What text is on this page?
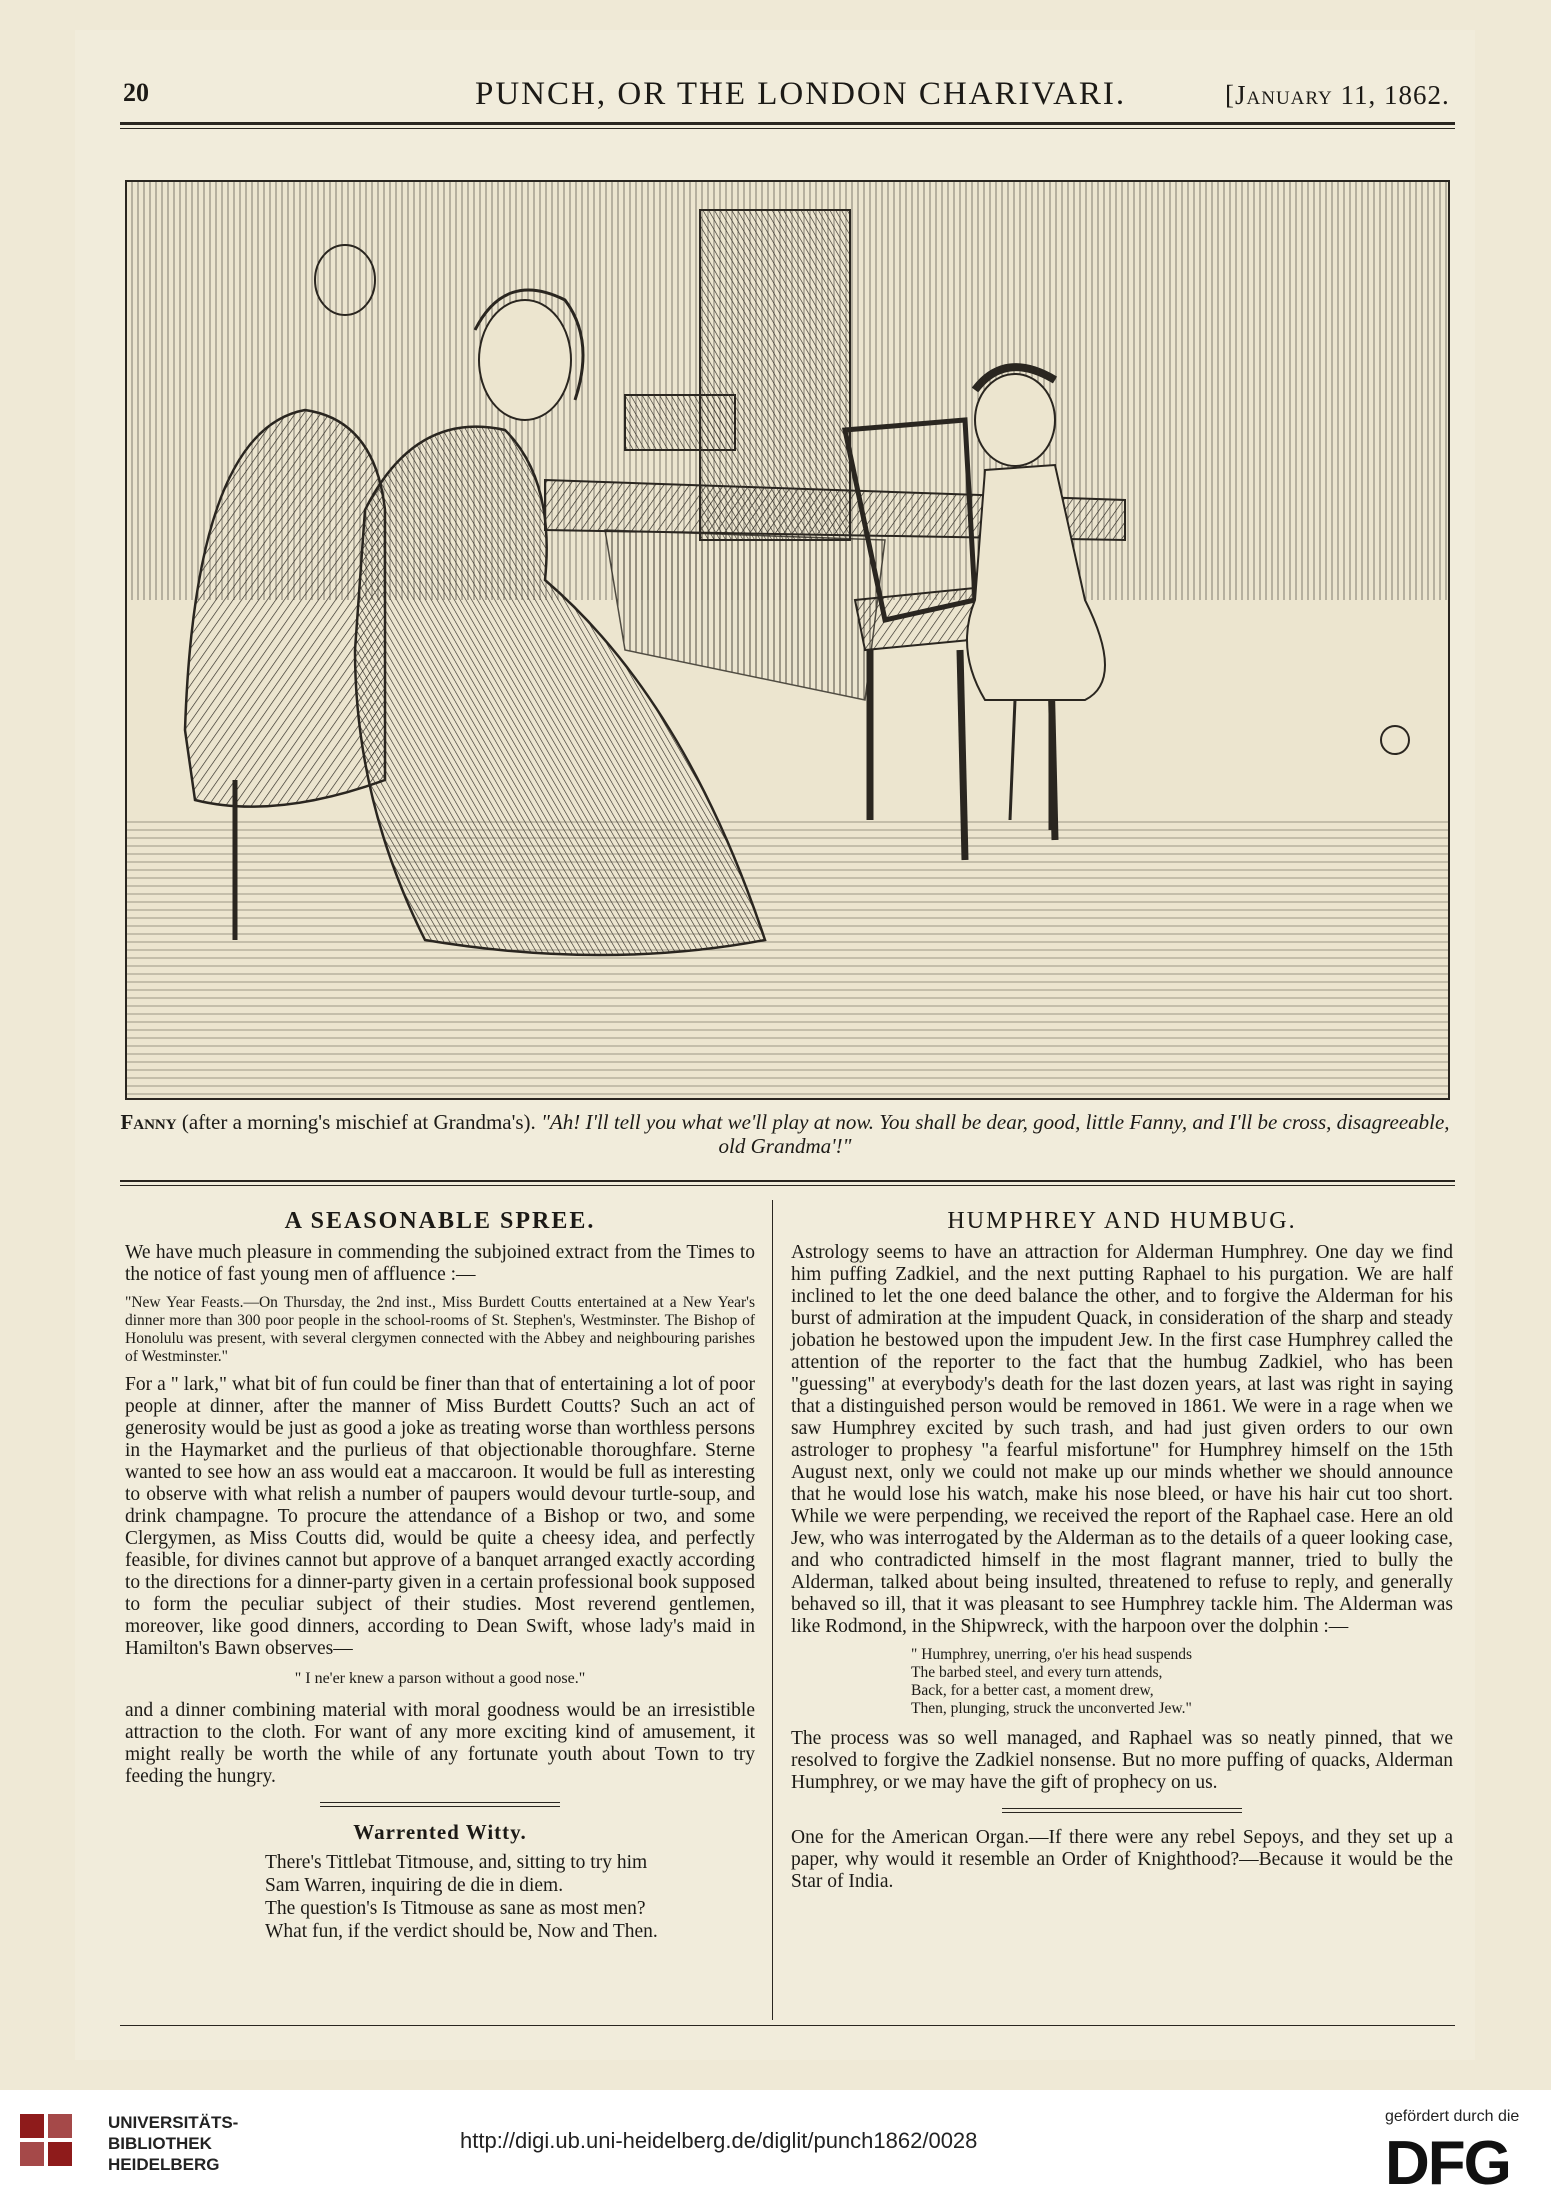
20	PUNCH, OR THE LONDON CHARIVARI.	[January 11, 1862.
Fanny (after a morning's mischief at Grandma's). "Ah! I'll tell you what we'll play at now. You shall be dear, good, little Fanny, and I'll be cross, disagreeable, old Grandma'!"
A SEASONABLE SPREE.

We have much pleasure in commending the subjoined extract from the Times to the notice of fast young men of affluence :—

"New Year Feasts.—On Thursday, the 2nd inst., Miss Burdett Coutts entertained at a New Year's dinner more than 300 poor people in the school-rooms of St. Stephen's, Westminster. The Bishop of Honolulu was present, with several clergymen connected with the Abbey and neighbouring parishes of Westminster."

For a " lark," what bit of fun could be finer than that of entertaining a lot of poor people at dinner, after the manner of Miss Burdett Coutts? Such an act of generosity would be just as good a joke as treating worse than worthless persons in the Haymarket and the purlieus of that objectionable thoroughfare. Sterne wanted to see how an ass would eat a maccaroon. It would be full as interesting to observe with what relish a number of paupers would devour turtle-soup, and drink champagne. To procure the attendance of a Bishop or two, and some Clergymen, as Miss Coutts did, would be quite a cheesy idea, and perfectly feasible, for divines cannot but approve of a banquet arranged exactly according to the directions for a dinner-party given in a certain professional book supposed to form the peculiar subject of their studies. Most reverend gentlemen, moreover, like good dinners, according to Dean Swift, whose lady's maid in Hamilton's Bawn observes—

" I ne'er knew a parson without a good nose."

and a dinner combining material with moral goodness would be an irresistible attraction to the cloth. For want of any more exciting kind of amusement, it might really be worth the while of any fortunate youth about Town to try feeding the hungry.

Warrented Witty.
There's Tittlebat Titmouse, and, sitting to try him
Sam Warren, inquiring de die in diem.
The question's Is Titmouse as sane as most men?
What fun, if the verdict should be, Now and Then.
HUMPHREY AND HUMBUG.

Astrology seems to have an attraction for Alderman Humphrey. One day we find him puffing Zadkiel, and the next putting Raphael to his purgation. We are half inclined to let the one deed balance the other, and to forgive the Alderman for his burst of admiration at the impudent Quack, in consideration of the sharp and steady jobation he bestowed upon the impudent Jew. In the first case Humphrey called the attention of the reporter to the fact that the humbug Zadkiel, who has been "guessing" at everybody's death for the last dozen years, at last was right in saying that a distinguished person would be removed in 1861. We were in a rage when we saw Humphrey excited by such trash, and had just given orders to our own astrologer to prophesy "a fearful misfortune" for Humphrey himself on the 15th August next, only we could not make up our minds whether we should announce that he would lose his watch, make his nose bleed, or have his hair cut too short. While we were perpending, we received the report of the Raphael case. Here an old Jew, who was interrogated by the Alderman as to the details of a queer looking case, and who contradicted himself in the most flagrant manner, tried to bully the Alderman, talked about being insulted, threatened to refuse to reply, and generally behaved so ill, that it was pleasant to see Humphrey tackle him. The Alderman was like Rodmond, in the Shipwreck, with the harpoon over the dolphin :—

" Humphrey, unerring, o'er his head suspends
The barbed steel, and every turn attends,
Back, for a better cast, a moment drew,
Then, plunging, struck the unconverted Jew."

The process was so well managed, and Raphael was so neatly pinned, that we resolved to forgive the Zadkiel nonsense. But no more puffing of quacks, Alderman Humphrey, or we may have the gift of prophecy on us.

One for the American Organ.—If there were any rebel Sepoys, and they set up a paper, why would it resemble an Order of Knighthood?—Because it would be the Star of India.

UNIVERSITÄTS-
BIBLIOTHEK
HEIDELBERG
http://digi.ub.uni-heidelberg.de/diglit/punch1862/0028
gefördert durch die
DFG
